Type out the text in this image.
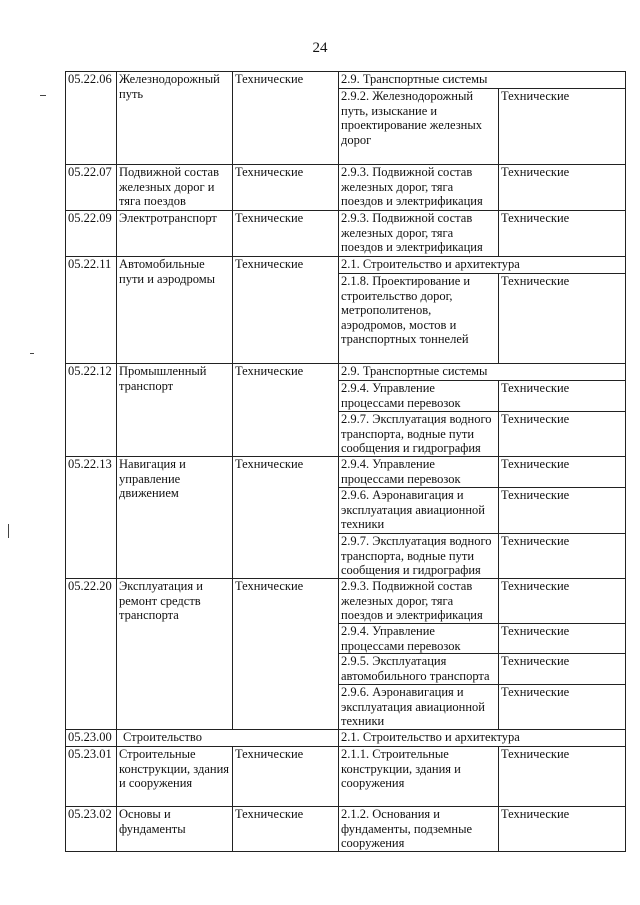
24
05.22.06	Железнодорожный путь	Технические	2.9. Транспортные системы	
			2.9.2. Железнодорожный путь, изыскание и проектирование железных дорог	Технические
05.22.07	Подвижной состав железных дорог и тяга поездов	Технические	2.9.3. Подвижной состав железных дорог, тяга поездов и электрификация	Технические
05.22.09	Электротранспорт	Технические	2.9.3. Подвижной состав железных дорог, тяга поездов и электрификация	Технические
05.22.11	Автомобильные пути и аэродромы	Технические	2.1. Строительство и архитектура	
			2.1.8. Проектирование и строительство дорог, метрополитенов, аэродромов, мостов и транспортных тоннелей	Технические
05.22.12	Промышленный транспорт	Технические	2.9. Транспортные системы	
			2.9.4. Управление процессами перевозок	Технические
			2.9.7. Эксплуатация водного транспорта, водные пути сообщения и гидрография	Технические
05.22.13	Навигация и управление движением	Технические	2.9.4. Управление процессами перевозок	Технические
			2.9.6. Аэронавигация и эксплуатация авиационной техники	Технические
			2.9.7. Эксплуатация водного транспорта, водные пути сообщения и гидрография	Технические
05.22.20	Эксплуатация и ремонт средств транспорта	Технические	2.9.3. Подвижной состав железных дорог, тяга поездов и электрификация	Технические
			2.9.4. Управление процессами перевозок	Технические
			2.9.5. Эксплуатация автомобильного транспорта	Технические
			2.9.6. Аэронавигация и эксплуатация авиационной техники	Технические
05.23.00	Строительство		2.1. Строительство и архитектура	
05.23.01	Строительные конструкции, здания и сооружения	Технические	2.1.1. Строительные конструкции, здания и сооружения	Технические
05.23.02	Основы и фундаменты	Технические	2.1.2. Основания и фундаменты, подземные сооружения	Технические
